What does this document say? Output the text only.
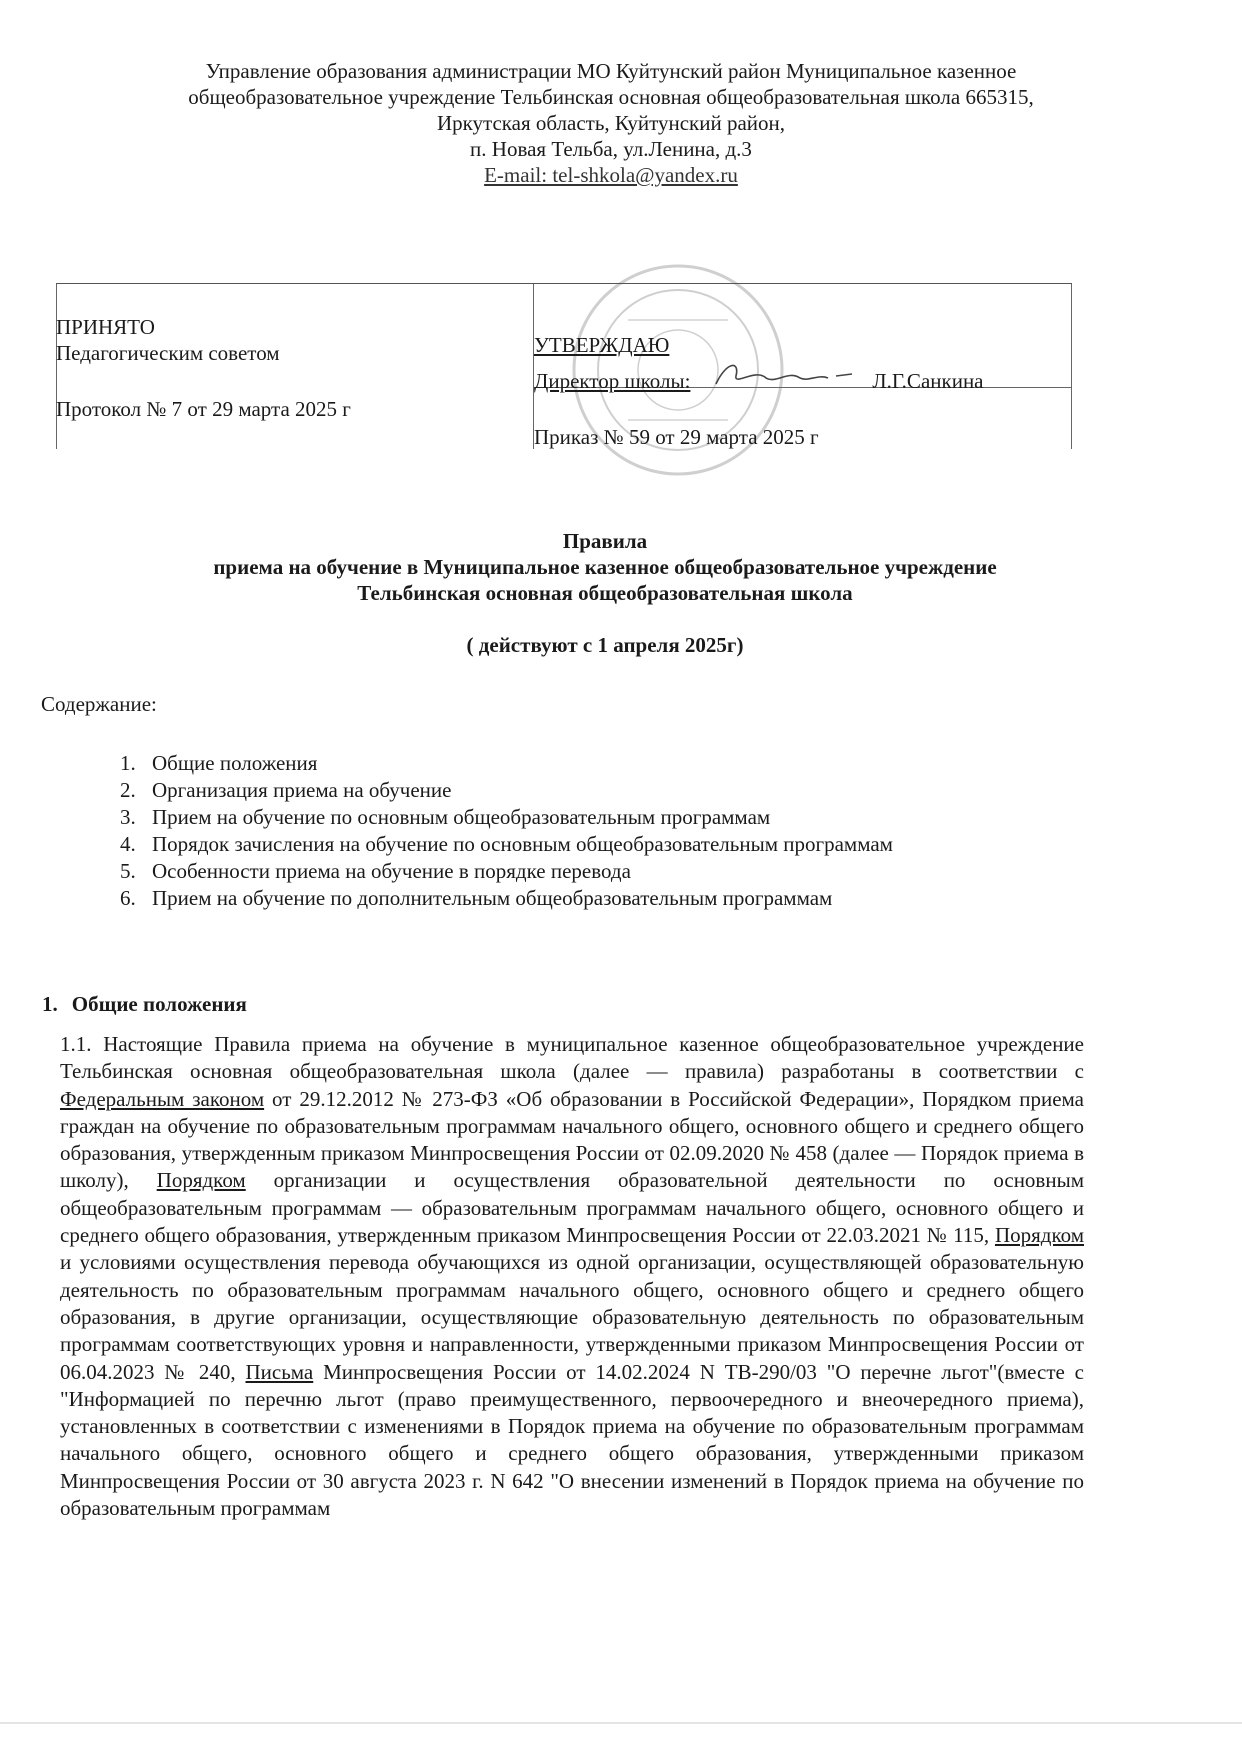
Управление образования администрации МО Куйтунский район Муниципальное казенное
общеобразовательное учреждение Тельбинская основная общеобразовательная школа 665315,
Иркутская область, Куйтунский район,
п. Новая Тельба, ул.Ленина, д.3
E-mail: tel-shkola@yandex.ru
ПРИНЯТО
Педагогическим советом
Протокол № 7 от 29 марта 2025 г
УТВЕРЖДАЮ
Директор школы:	Л.Г.Санкина
Приказ № 59 от 29 марта 2025 г
Правила
приема на обучение в Муниципальное казенное общеобразовательное учреждение
Тельбинская основная общеобразовательная школа
( действуют с 1 апреля 2025г)
Содержание:
1. Общие положения
2. Организация приема на обучение
3. Прием на обучение по основным общеобразовательным программам
4. Порядок зачисления на обучение по основным общеобразовательным программам
5. Особенности приема на обучение в порядке перевода
6. Прием на обучение по дополнительным общеобразовательным программам
1. Общие положения
1.1. Настоящие Правила приема на обучение в муниципальное казенное общеобразовательное учреждение Тельбинская основная общеобразовательная школа (далее — правила) разработаны в соответствии с Федеральным законом от 29.12.2012 № 273-ФЗ «Об образовании в Российской Федерации», Порядком приема граждан на обучение по образовательным программам начального общего, основного общего и среднего общего образования, утвержденным приказом Минпросвещения России от 02.09.2020 № 458 (далее — Порядок приема в школу), Порядком организации и осуществления образовательной деятельности по основным общеобразовательным программам — образовательным программам начального общего, основного общего и среднего общего образования, утвержденным приказом Минпросвещения России от 22.03.2021 № 115, Порядком и условиями осуществления перевода обучающихся из одной организации, осуществляющей образовательную деятельность по образовательным программам начального общего, основного общего и среднего общего образования, в другие организации, осуществляющие образовательную деятельность по образовательным программам соответствующих уровня и направленности, утвержденными приказом Минпросвещения России от 06.04.2023 № 240, Письма Минпросвещения России от 14.02.2024 N ТВ-290/03 "О перечне льгот"(вместе с "Информацией по перечню льгот (право преимущественного, первоочередного и внеочередного приема), установленных в соответствии с изменениями в Порядок приема на обучение по образовательным программам начального общего, основного общего и среднего общего образования, утвержденными приказом Минпросвещения России от 30 августа 2023 г. N 642 "О внесении изменений в Порядок приема на обучение по образовательным программам
